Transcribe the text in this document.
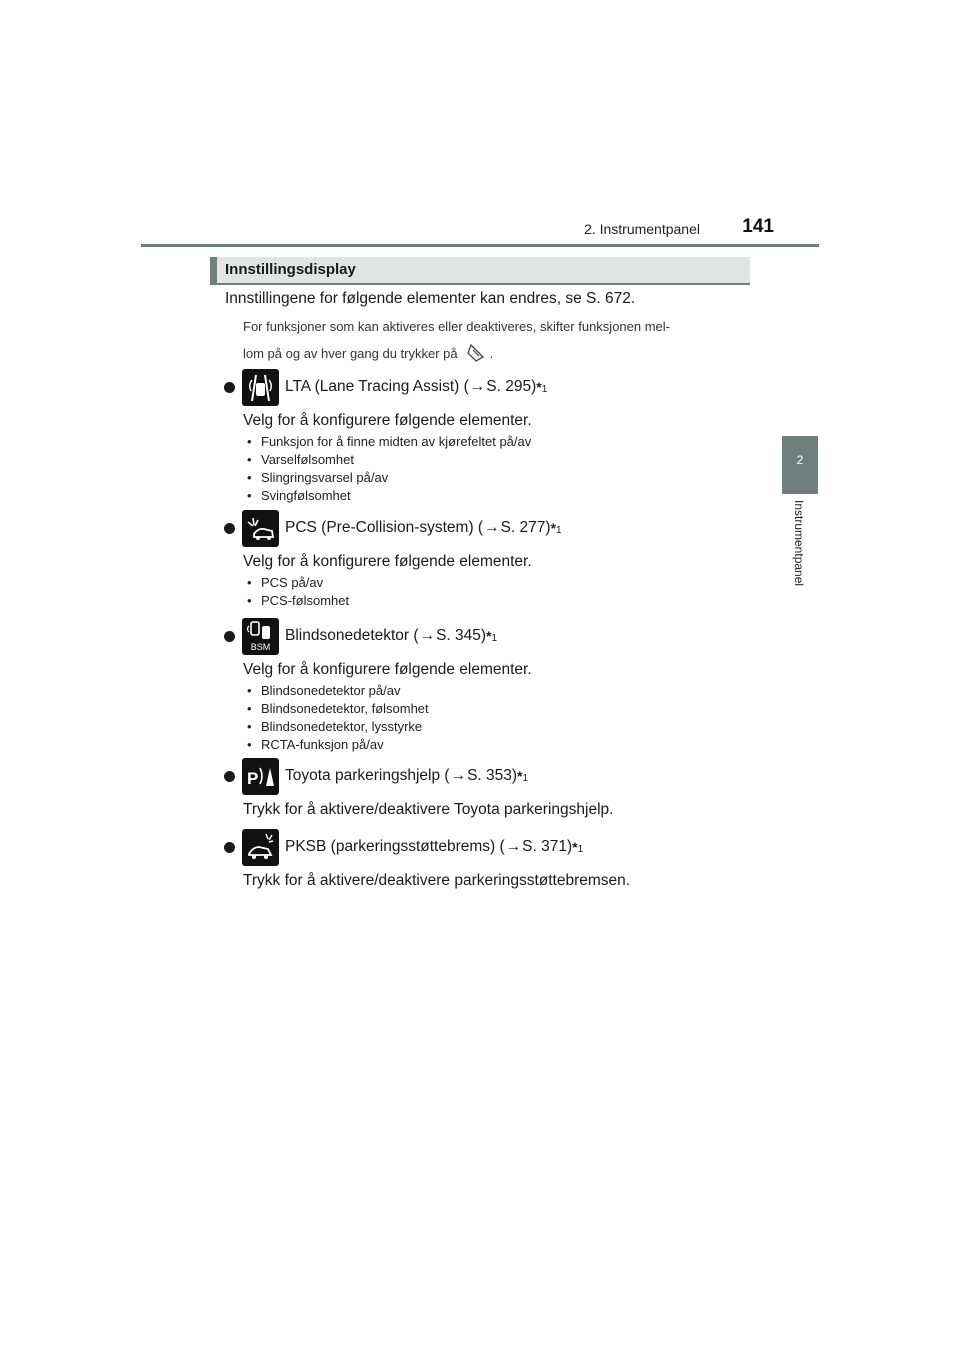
2. Instrumentpanel	141
2
Instrumentpanel
Innstillingsdisplay
Innstillingene for følgende elementer kan endres, se S. 672.
For funksjoner som kan aktiveres eller deaktiveres, skifter funksjonen mel-
lom på og av hver gang du trykker på .
LTA (Lane Tracing Assist) ( → S. 295) *1
Velg for å konfigurere følgende elementer.
• Funksjon for å finne midten av kjørefeltet på/av
• Varselfølsomhet
• Slingringsvarsel på/av
• Svingfølsomhet
PCS (Pre-Collision-system) ( → S. 277) *1
Velg for å konfigurere følgende elementer.
• PCS på/av
• PCS-følsomhet
BSM
Blindsonedetektor ( → S. 345) *1
Velg for å konfigurere følgende elementer.
• Blindsonedetektor på/av
• Blindsonedetektor, følsomhet
• Blindsonedetektor, lysstyrke
• RCTA-funksjon på/av
P Toyota parkeringshjelp ( → S. 353) *1
Trykk for å aktivere/deaktivere Toyota parkeringshjelp.
PKSB (parkeringsstøttebrems) ( → S. 371) *1
Trykk for å aktivere/deaktivere parkeringsstøttebremsen.
